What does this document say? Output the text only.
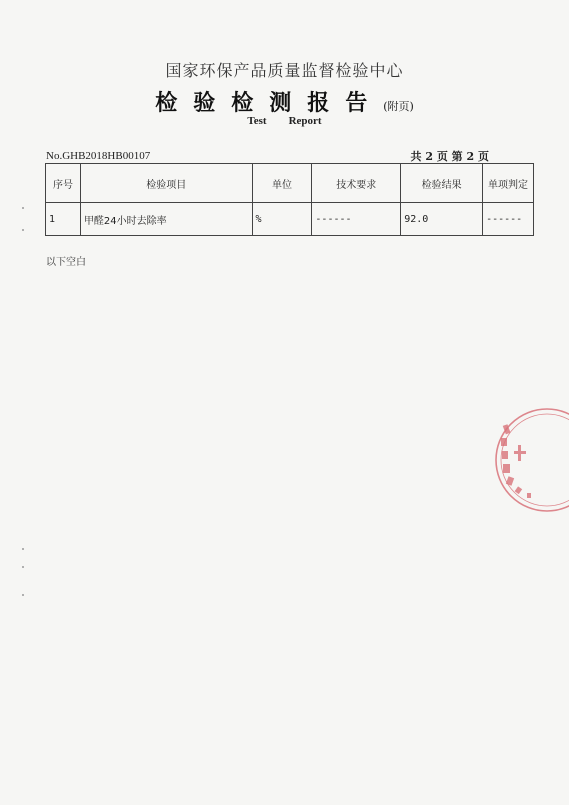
国家环保产品质量监督检验中心
检验检测报告(附页)
Test Report
No.GHB2018HB00107	共 2 页 第 2 页
序号	检验项目	单位	技术要求	检验结果	单项判定
1	甲醛24小时去除率	%	------	92.0	------
以下空白
